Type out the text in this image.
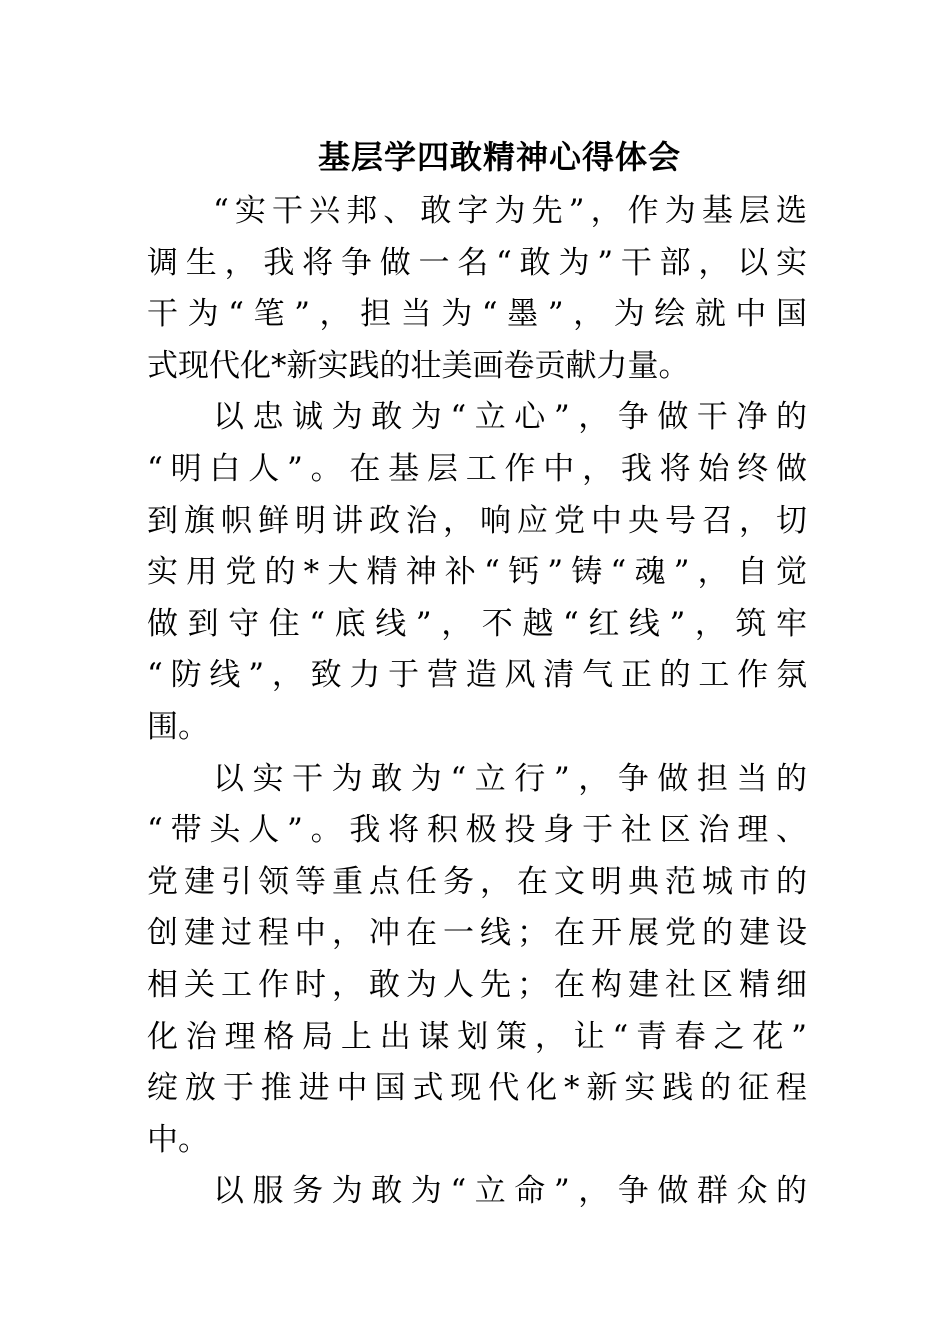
基层学四敢精神心得体会
“实干兴邦、敢字为先”，作为基层选
调生，我将争做一名“敢为”干部，以实
干为“笔”，担当为“墨”，为绘就中国
式现代化*新实践的壮美画卷贡献力量。
以忠诚为敢为“立心”，争做干净的
“明白人”。在基层工作中，我将始终做
到旗帜鲜明讲政治，响应党中央号召，切
实用党的*大精神补“钙”铸“魂”，自觉
做到守住“底线”，不越“红线”，筑牢
“防线”，致力于营造风清气正的工作氛
围。
以实干为敢为“立行”，争做担当的
“带头人”。我将积极投身于社区治理、
党建引领等重点任务，在文明典范城市的
创建过程中，冲在一线；在开展党的建设
相关工作时，敢为人先；在构建社区精细
化治理格局上出谋划策，让“青春之花”
绽放于推进中国式现代化*新实践的征程
中。
以服务为敢为“立命”，争做群众的
